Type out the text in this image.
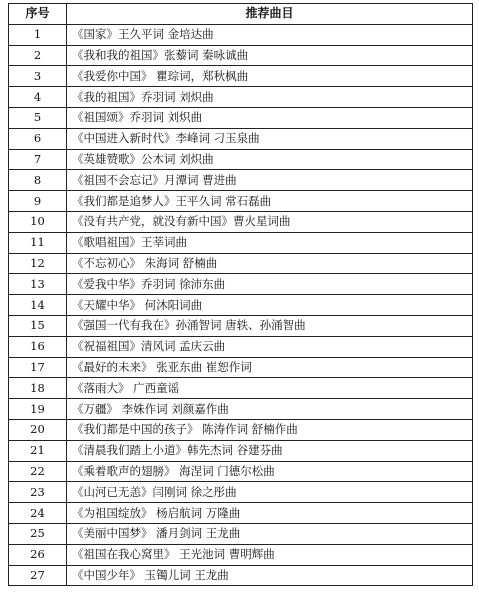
序号	推荐曲目
1	《国家》王久平词 金培达曲
2	《我和我的祖国》张藜词 秦咏诚曲
3	《我爱你中国》 瞿琮词，郑秋枫曲
4	《我的祖国》乔羽词 刘炽曲
5	《祖国颂》乔羽词 刘炽曲
6	《中国进入新时代》李峰词 刁玉泉曲
7	《英雄赞歌》公木词 刘炽曲
8	《祖国不会忘记》月潭词 曹进曲
9	《我们都是追梦人》王平久词 常石磊曲
10	《没有共产党，就没有新中国》曹火星词曲
11	《歌唱祖国》王莘词曲
12	《不忘初心》 朱海词 舒楠曲
13	《爱我中华》乔羽词 徐沛东曲
14	《天耀中华》 何沐阳词曲
15	《强国一代有我在》孙涌智词 唐轶、孙涌智曲
16	《祝福祖国》清风词 孟庆云曲
17	《最好的未来》 张亚东曲 崔恕作词
18	《落雨大》 广西童谣
19	《万疆》 李姝作词 刘颜嘉作曲
20	《我们都是中国的孩子》 陈涛作词 舒楠作曲
21	《清晨我们踏上小道》韩先杰词 谷建芬曲
22	《乘着歌声的翅膀》 海涅词 门德尔松曲
23	《山河已无恙》闫刚词 徐之彤曲
24	《为祖国绽放》 杨启航词 万隆曲
25	《美丽中国梦》 潘月剑词 王龙曲
26	《祖国在我心窝里》 王光池词 曹明辉曲
27	《中国少年》 玉镯儿词 王龙曲
